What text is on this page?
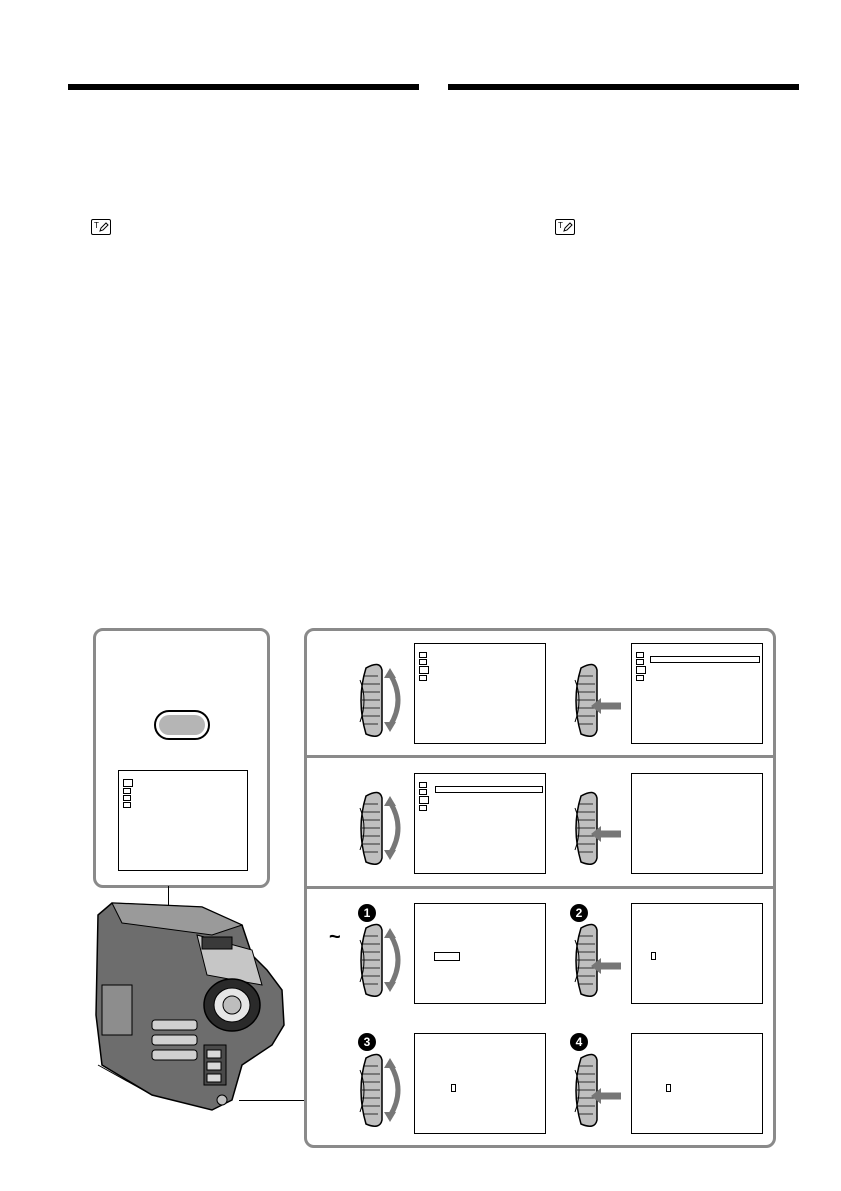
T	T
~
1	2
3	4
